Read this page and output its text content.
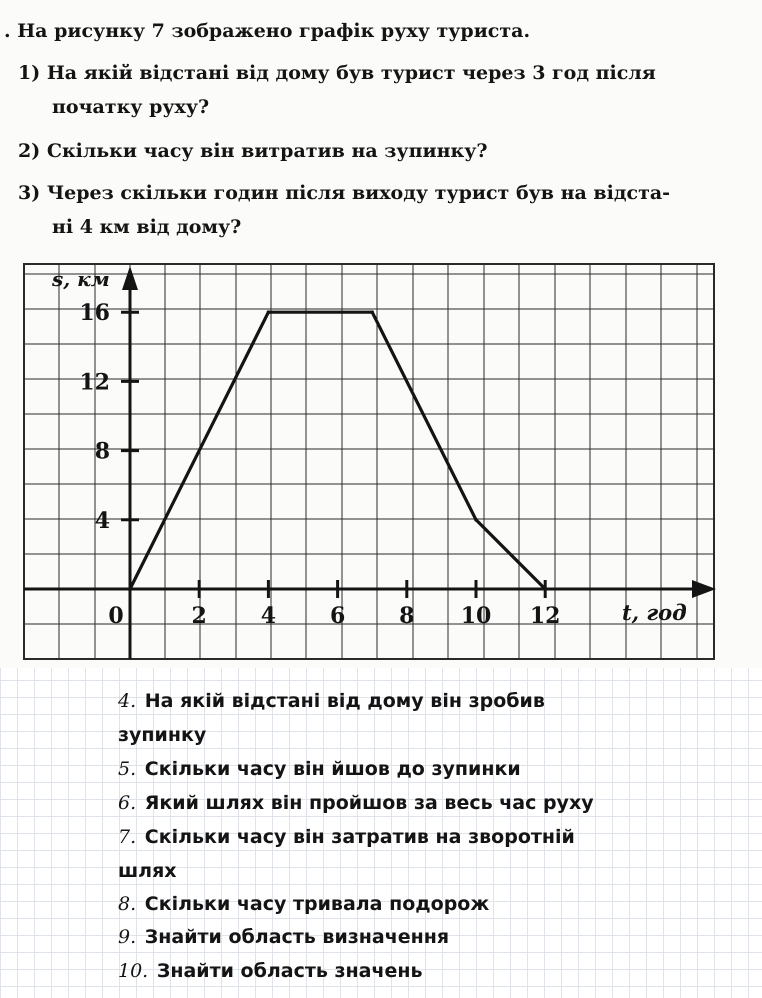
. На рисунку 7 зображено графік руху туриста.
1) На якій відстані від дому був турист через 3 год після
початку руху?
2) Скільки часу він витратив на зупинку?
3) Через скільки годин після виходу турист був на відста-
ні 4 км від дому?
0	2 4 6 8 10 12
4
8
12
16
s, км
t, год
4. На якій відстані від дому він зробив
зупинку
5. Скільки часу він йшов до зупинки
6. Який шлях він пройшов за весь час руху
7. Скільки часу він затратив на зворотній
шлях
8. Скільки часу тривала подорож
9. Знайти область визначення
10. Знайти область значень
